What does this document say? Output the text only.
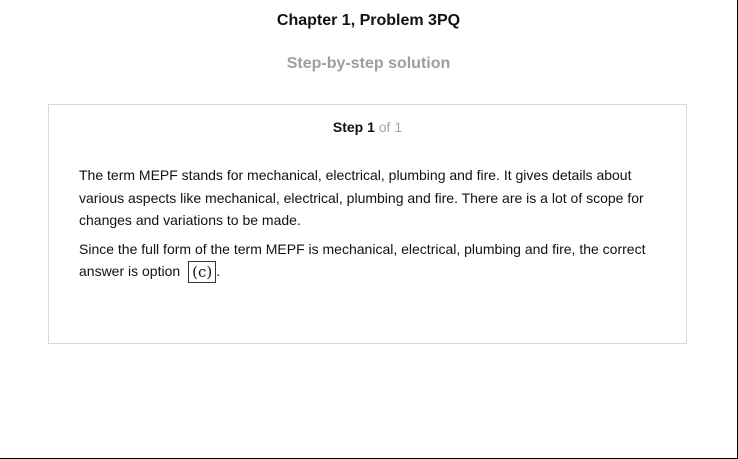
Chapter 1, Problem 3PQ
Step-by-step solution
Step 1 of 1

The term MEPF stands for mechanical, electrical, plumbing and fire. It gives details about various aspects like mechanical, electrical, plumbing and fire. There are is a lot of scope for changes and variations to be made.

Since the full form of the term MEPF is mechanical, electrical, plumbing and fire, the correct
answer is option (c) .
